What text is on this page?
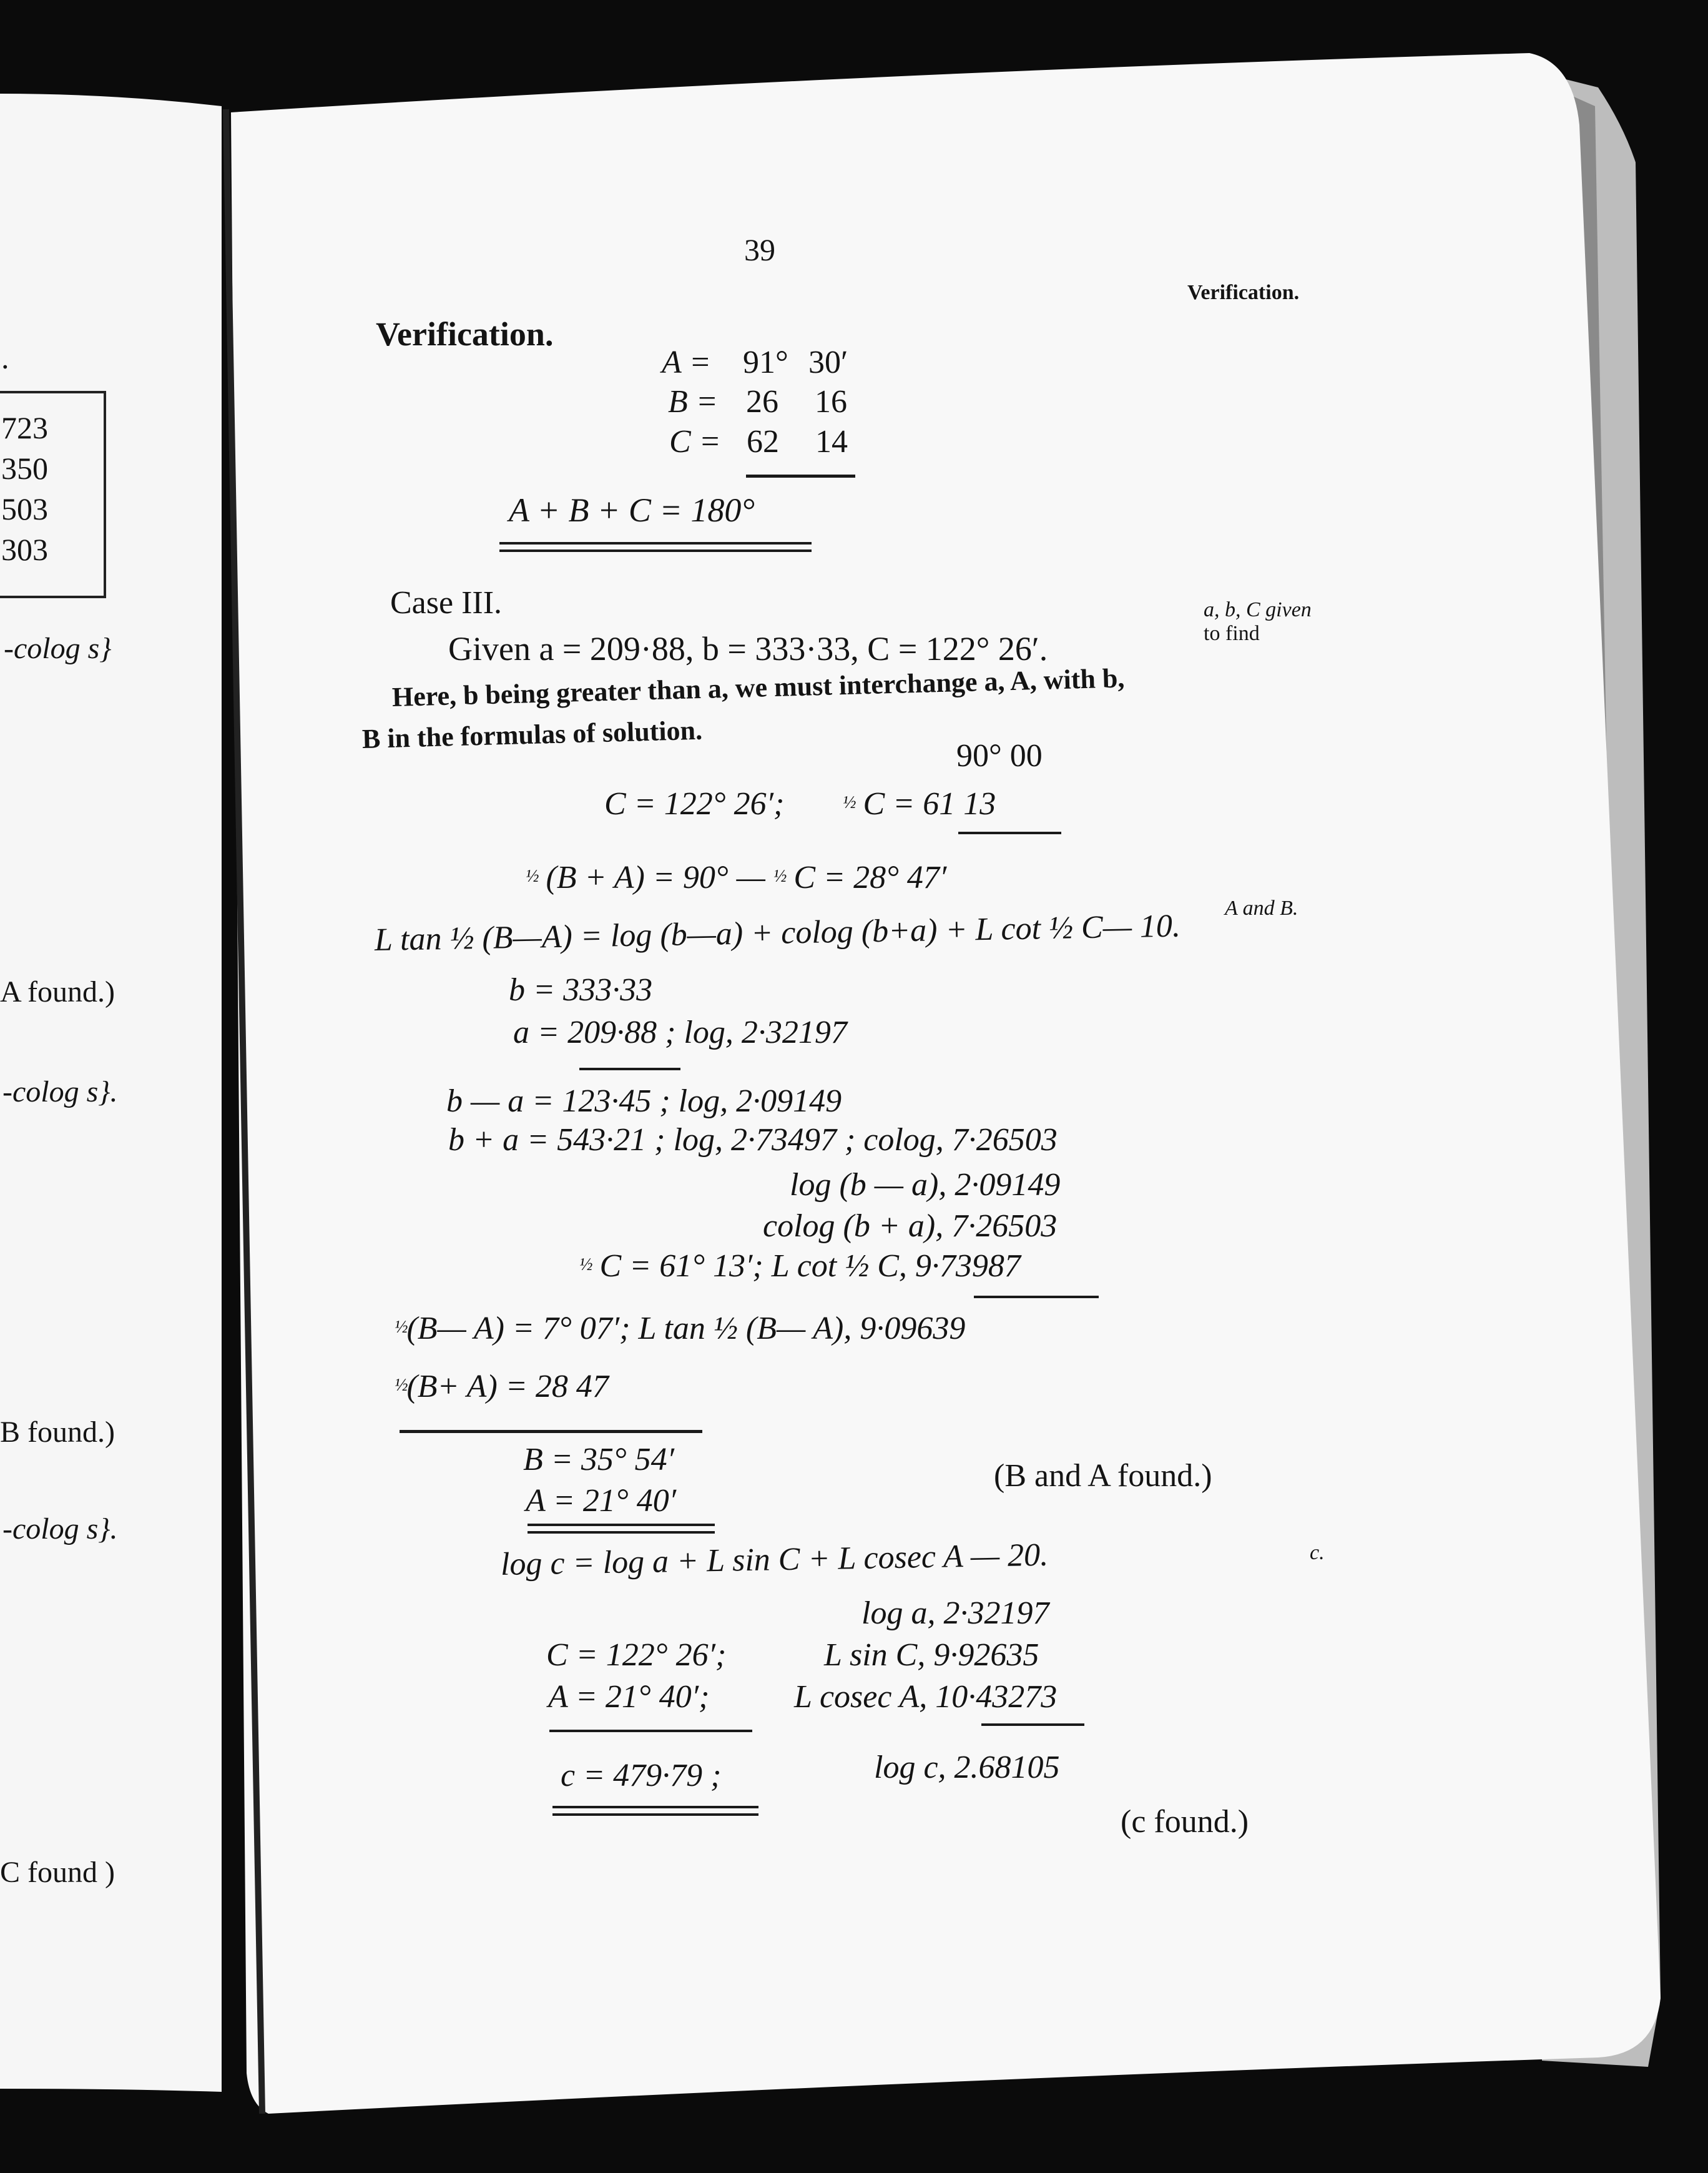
.
723
350
503
303
-colog s}
A found.)
-colog s}.
B found.)
-colog s}.
C found )
39
Verification.
a, b, C given
to find
A and B.
c.
Verification.
A = 91° 30′
B = 26 16
C = 62 14
A + B + C = 180°
Case III.
Given a = 209·88, b = 333·33, C = 122° 26′.
Here, b being greater than a, we must interchange a, A, with b,
B in the formulas of solution.
90° 00
C = 122° 26′;	½ C = 61 13
½ (B + A) = 90° — ½ C = 28° 47′
L tan ½ (B—A) = log (b—a) + colog (b+a) + L cot ½ C— 10.
b = 333·33
a = 209·88 ; log, 2·32197
b — a = 123·45 ; log, 2·09149
b + a = 543·21 ; log, 2·73497 ; colog, 7·26503
log (b — a), 2·09149
colog (b + a), 7·26503
½ C = 61° 13′; L cot ½ C, 9·73987
½(B— A) = 7° 07′; L tan ½ (B— A), 9·09639
½(B+ A) = 28 47
B = 35° 54′
A = 21° 40′
(B and A found.)
log c = log a + L sin C + L cosec A — 20.
log a, 2·32197
C = 122° 26′;	L sin C, 9·92635
A = 21° 40′;	L cosec A, 10·43273
c = 479·79 ;	log c, 2.68105
(c found.)
